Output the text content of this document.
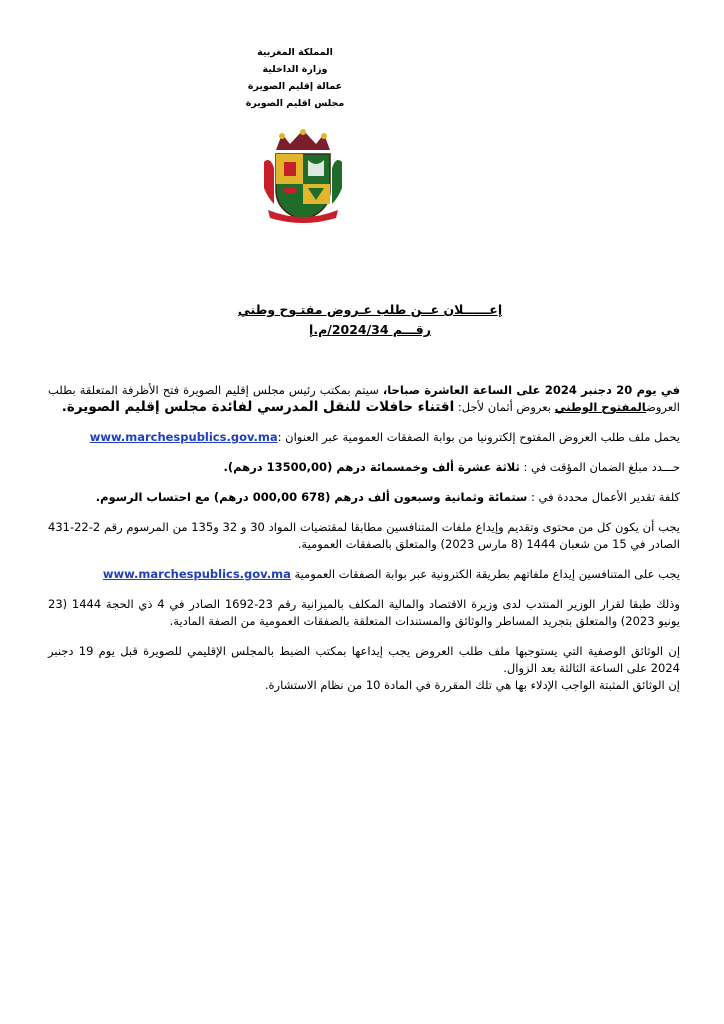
المملكة المغربية
وزارة الداخلية
عمالة إقليم الصويرة
مجلس اقليم الصويرة
إعــــــلان عــن طلب عـروض مفتـوح وطني
رقـــم 2024/34/م.إ

في يوم 20 دجنبر 2024 على الساعة العاشرة صباحا، سيتم بمكتب رئيس مجلس إقليم الصويرة فتح الأظرفة المتعلقة بطلب العروضالمفتوح الوطني بعروض أثمان لأجل: اقتناء حافلات للنقل المدرسي لفائدة مجلس إقليم الصويرة.

يحمل ملف طلب العروض المفتوح إلكترونيا من بوابة الصفقات العمومية عبر العنوان :www.marchespublics.gov.ma

حـــدد مبلغ الضمان المؤقت في : ثلاثة عشرة ألف وخمسمائة درهم (13500,00 درهم).

كلفة تقدير الأعمال محددة في : ستمائة وثمانية وسبعون ألف درهم (678 000,00 درهم) مع احتساب الرسوم.

يجب أن يكون كل من محتوى وتقديم وإيداع ملفات المتنافسين مطابقا لمقتضيات المواد 30 و 32 و135 من المرسوم رقم 2-22-431 الصادر في 15 من شعبان 1444 (8 مارس 2023) والمتعلق بالصفقات العمومية.

يجب على المتنافسين إيداع ملفاتهم بطريقة الكترونية عبر بوابة الصفقات العمومية www.marchespublics.gov.ma

وذلك طبقا لقرار الوزير المنتدب لدى وزيرة الاقتصاد والمالية المكلف بالميزانية رقم 23-1692 الصادر في 4 ذي الحجة 1444 (23 يونيو 2023) والمتعلق بتجريد المساطر والوثائق والمستندات المتعلقة بالصفقات العمومية من الصفة المادية.

إن الوثائق الوصفية التي يستوجبها ملف طلب العروض يجب إيداعها بمكتب الضبط بالمجلس الإقليمي للصويرة قبل يوم 19 دجنبر 2024 على الساعة الثالثة بعد الزوال.

إن الوثائق المثبتة الواجب الإدلاء بها هي تلك المقررة في المادة 10 من نظام الاستشارة.
